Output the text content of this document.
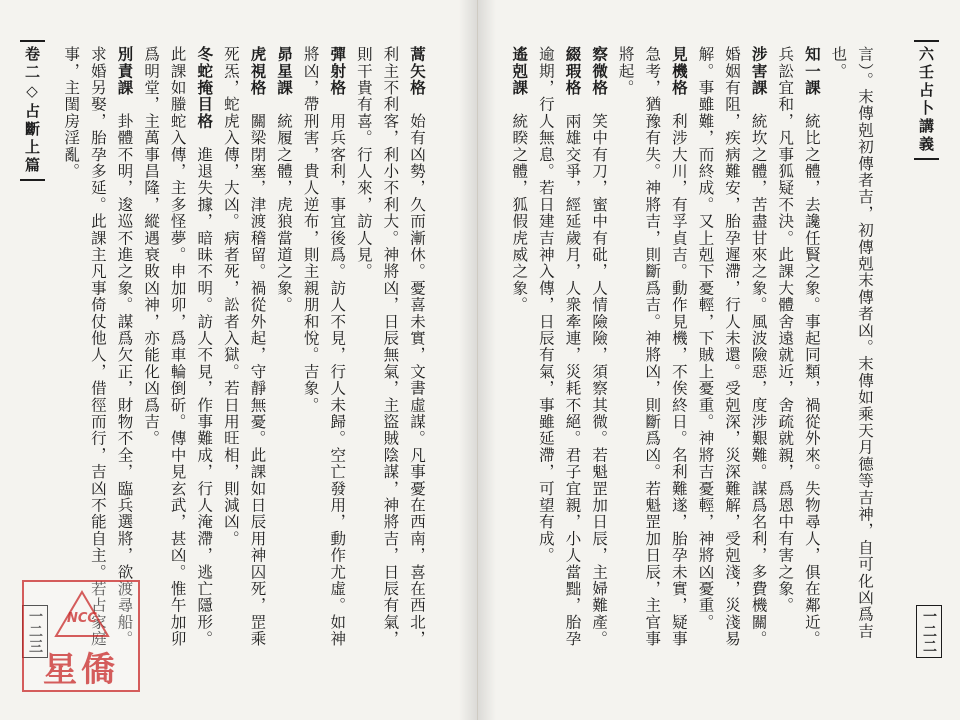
卷二◇占斷上篇	蒿矢格　始有凶勢，久而漸休。憂喜未實，文書虛謀。凡事憂在西南，喜在西北，
利主不利客，利小不利大。神將凶，日辰無氣，主盜賊陰謀，神將吉，日辰有氣，
則干貴有喜。行人來，訪人見。
彈射格　用兵客利，事宜後爲。訪人不見，行人未歸。空亡發用，動作尤虛。如神
將凶，帶刑害，貴人逆布，則主親朋和悅。吉象。
昴星課　統履之體，虎狼當道之象。
虎視格　關梁閉塞，津渡稽留。禍從外起，守靜無憂。此課如日辰用神囚死，罡乘
死炁，蛇虎入傳，大凶。病者死，訟者入獄。若日用旺相，則減凶。
冬蛇掩目格　進退失據，暗昧不明。訪人不見，作事難成，行人淹滯，逃亡隱形。
此課如螣蛇入傳，主多怪夢。申加卯，爲車輪倒斫。傳中見玄武，甚凶。惟午加卯
爲明堂，主萬事昌隆，縱遇衰敗凶神，亦能化凶爲吉。
別責課　卦體不明，逡巡不進之象。謀爲欠正，財物不全，臨兵選將，欲渡尋船。
求婚另娶，胎孕多延。此課主凡事倚仗他人，借徑而行，吉凶不能自主。若占家庭
事，主閨房淫亂。
一二三	NCC
星僑
言）。末傳剋初傳者吉，初傳剋末傳者凶。末傳如乘天月德等吉神，自可化凶爲吉
也。
知一課　統比之體，去讒任賢之象。事起同類，禍從外來。失物尋人，俱在鄰近。
兵訟宜和，凡事狐疑不決。此課大體舍遠就近，舍疏就親，爲恩中有害之象。
涉害課　統坎之體，苦盡甘來之象。風波險惡，度涉艱難。謀爲名利，多費機關。
婚姻有阻，疾病難安，胎孕遲滯，行人未還。受剋深，災深難解，受剋淺，災淺易
解。事雖難，而終成。又上剋下憂輕，下賊上憂重。神將吉憂輕，神將凶憂重。
見機格　利涉大川，有孚貞吉。動作見機，不俟終日。名利難遂，胎孕未實，疑事
急考，猶豫有失。神將吉，則斷爲吉。神將凶，則斷爲凶。若魁罡加日辰，主官事
將起。
察微格　笑中有刀，蜜中有砒，人情險險，須察其微。若魁罡加日辰，主婦難產。
綴瑕格　兩雄交爭，經延歲月，人衆牽連，災耗不絕。君子宜親，小人當黜，胎孕
逾期，行人無息。若日建吉神入傳，日辰有氣，事雖延滯，可望有成。
遙剋課　統睽之體，狐假虎威之象。	六壬占卜講義
一二二
